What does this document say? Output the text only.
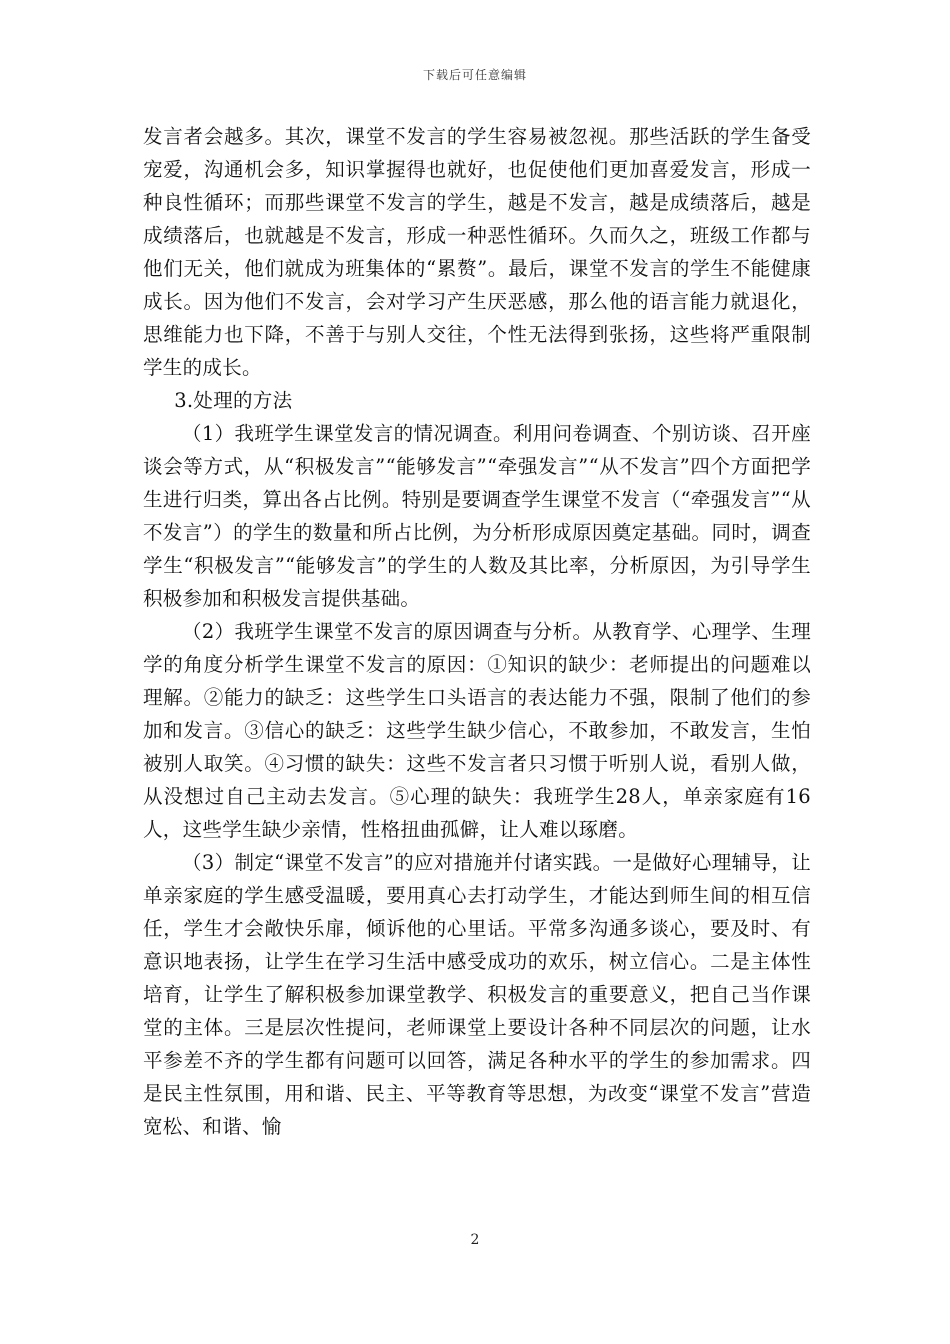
下载后可任意编辑

发言者会越多。其次，课堂不发言的学生容易被忽视。那些活跃的学生备受宠爱，沟通机会多，知识掌握得也就好，也促使他们更加喜爱发言，形成一种良性循环；而那些课堂不发言的学生，越是不发言，越是成绩落后，越是成绩落后，也就越是不发言，形成一种恶性循环。久而久之，班级工作都与他们无关，他们就成为班集体的“累赘”。最后，课堂不发言的学生不能健康成长。因为他们不发言，会对学习产生厌恶感，那么他的语言能力就退化，思维能力也下降，不善于与别人交往，个性无法得到张扬，这些将严重限制学生的成长。

3.处理的方法

（1）我班学生课堂发言的情况调查。利用问卷调查、个别访谈、召开座谈会等方式，从“积极发言”“能够发言”“牵强发言”“从不发言”四个方面把学生进行归类，算出各占比例。特别是要调查学生课堂不发言（“牵强发言”“从不发言”）的学生的数量和所占比例，为分析形成原因奠定基础。同时，调查学生“积极发言”“能够发言”的学生的人数及其比率，分析原因，为引导学生积极参加和积极发言提供基础。

（2）我班学生课堂不发言的原因调查与分析。从教育学、心理学、生理学的角度分析学生课堂不发言的原因：①知识的缺少：老师提出的问题难以理解。②能力的缺乏：这些学生口头语言的表达能力不强，限制了他们的参加和发言。③信心的缺乏：这些学生缺少信心，不敢参加，不敢发言，生怕被别人取笑。④习惯的缺失：这些不发言者只习惯于听别人说，看别人做，从没想过自己主动去发言。⑤心理的缺失：我班学生28人，单亲家庭有16人，这些学生缺少亲情，性格扭曲孤僻，让人难以琢磨。

（3）制定“课堂不发言”的应对措施并付诸实践。一是做好心理辅导，让单亲家庭的学生感受温暖，要用真心去打动学生，才能达到师生间的相互信任，学生才会敞快乐扉，倾诉他的心里话。平常多沟通多谈心，要及时、有意识地表扬，让学生在学习生活中感受成功的欢乐，树立信心。二是主体性培育，让学生了解积极参加课堂教学、积极发言的重要意义，把自己当作课堂的主体。三是层次性提问，老师课堂上要设计各种不同层次的问题，让水平参差不齐的学生都有问题可以回答，满足各种水平的学生的参加需求。四是民主性氛围，用和谐、民主、平等教育等思想，为改变“课堂不发言”营造宽松、和谐、愉

2
